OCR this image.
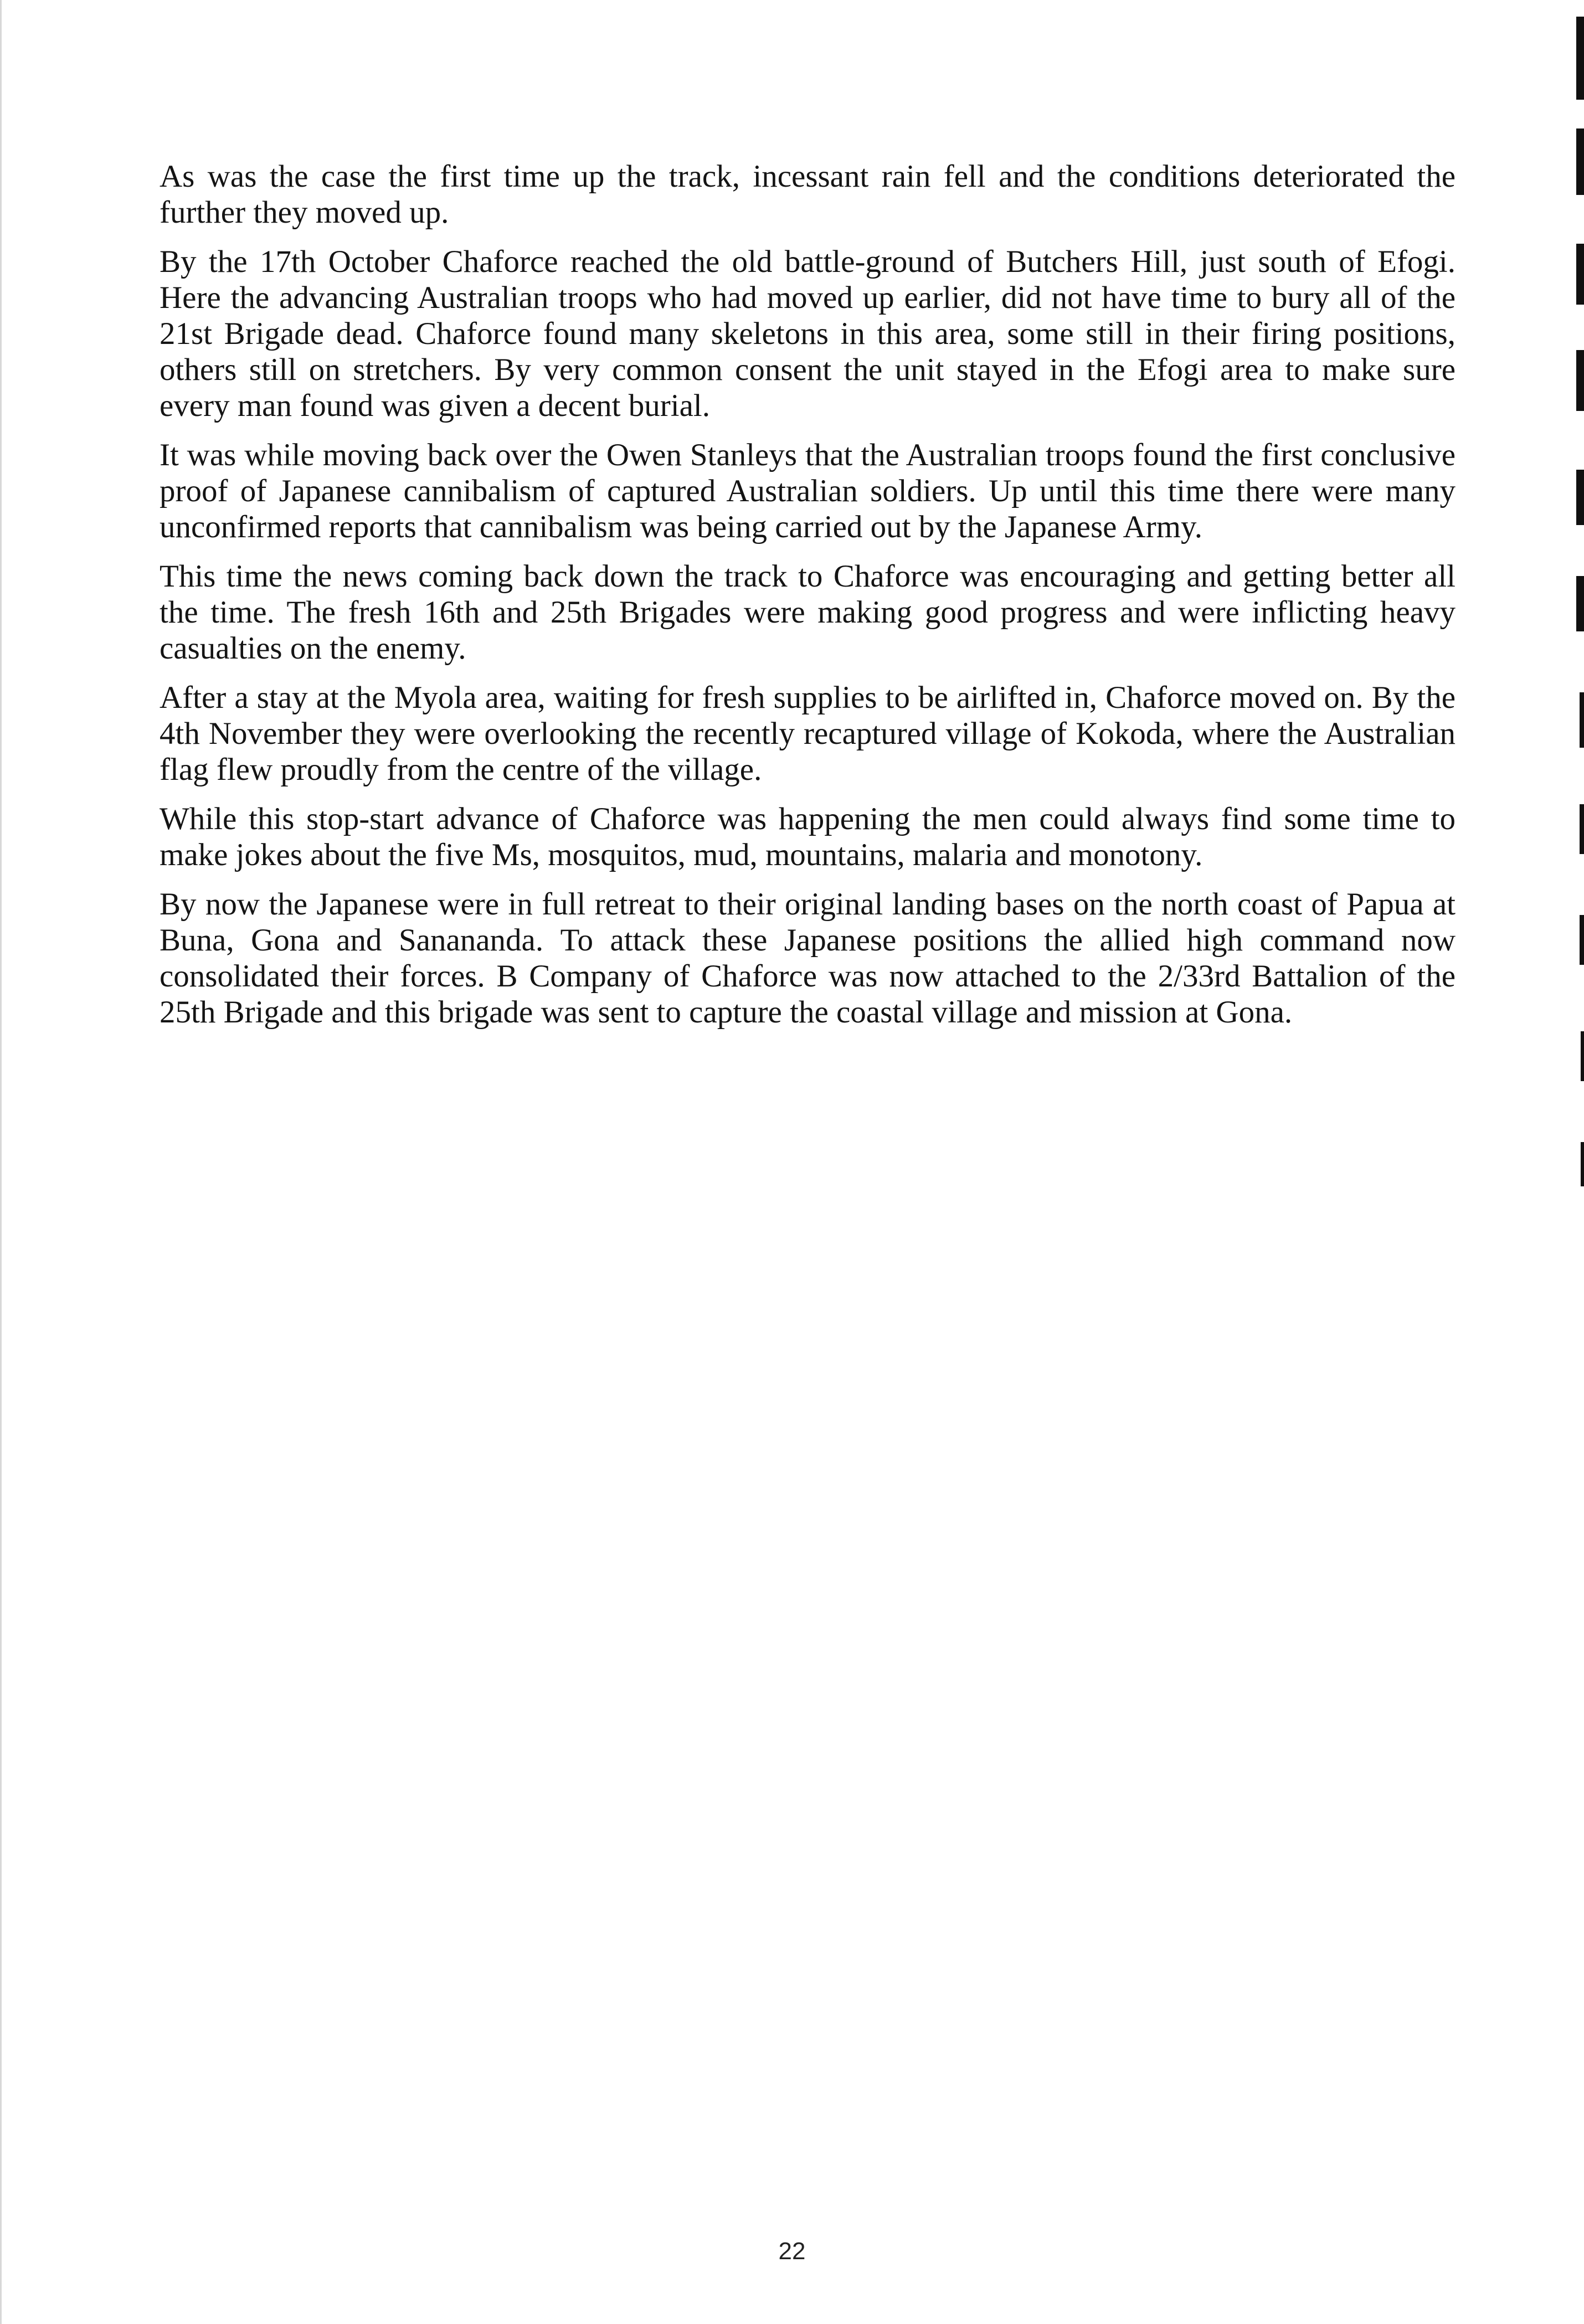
As was the case the first time up the track, incessant rain fell and the conditions deteriorated the further they moved up.

By the 17th October Chaforce reached the old battle-ground of Butchers Hill, just south of Efogi. Here the advancing Australian troops who had moved up earlier, did not have time to bury all of the 21st Brigade dead. Chaforce found many skeletons in this area, some still in their firing positions, others still on stretchers. By very common consent the unit stayed in the Efogi area to make sure every man found was given a decent burial.

It was while moving back over the Owen Stanleys that the Australian troops found the first conclusive proof of Japanese cannibalism of captured Australian soldiers. Up until this time there were many unconfirmed reports that cannibalism was being carried out by the Japanese Army.

This time the news coming back down the track to Chaforce was encouraging and getting better all the time. The fresh 16th and 25th Brigades were making good progress and were inflicting heavy casualties on the enemy.

After a stay at the Myola area, waiting for fresh supplies to be airlifted in, Chaforce moved on. By the 4th November they were overlooking the recently recaptured village of Kokoda, where the Australian flag flew proudly from the centre of the village.

While this stop-start advance of Chaforce was happening the men could always find some time to make jokes about the five Ms, mosquitos, mud, mountains, malaria and monotony.

By now the Japanese were in full retreat to their original landing bases on the north coast of Papua at Buna, Gona and Sananandа. To attack these Japanese positions the allied high command now consolidated their forces. B Company of Chaforce was now attached to the 2/33rd Battalion of the 25th Brigade and this brigade was sent to capture the coastal village and mission at Gona.

22
